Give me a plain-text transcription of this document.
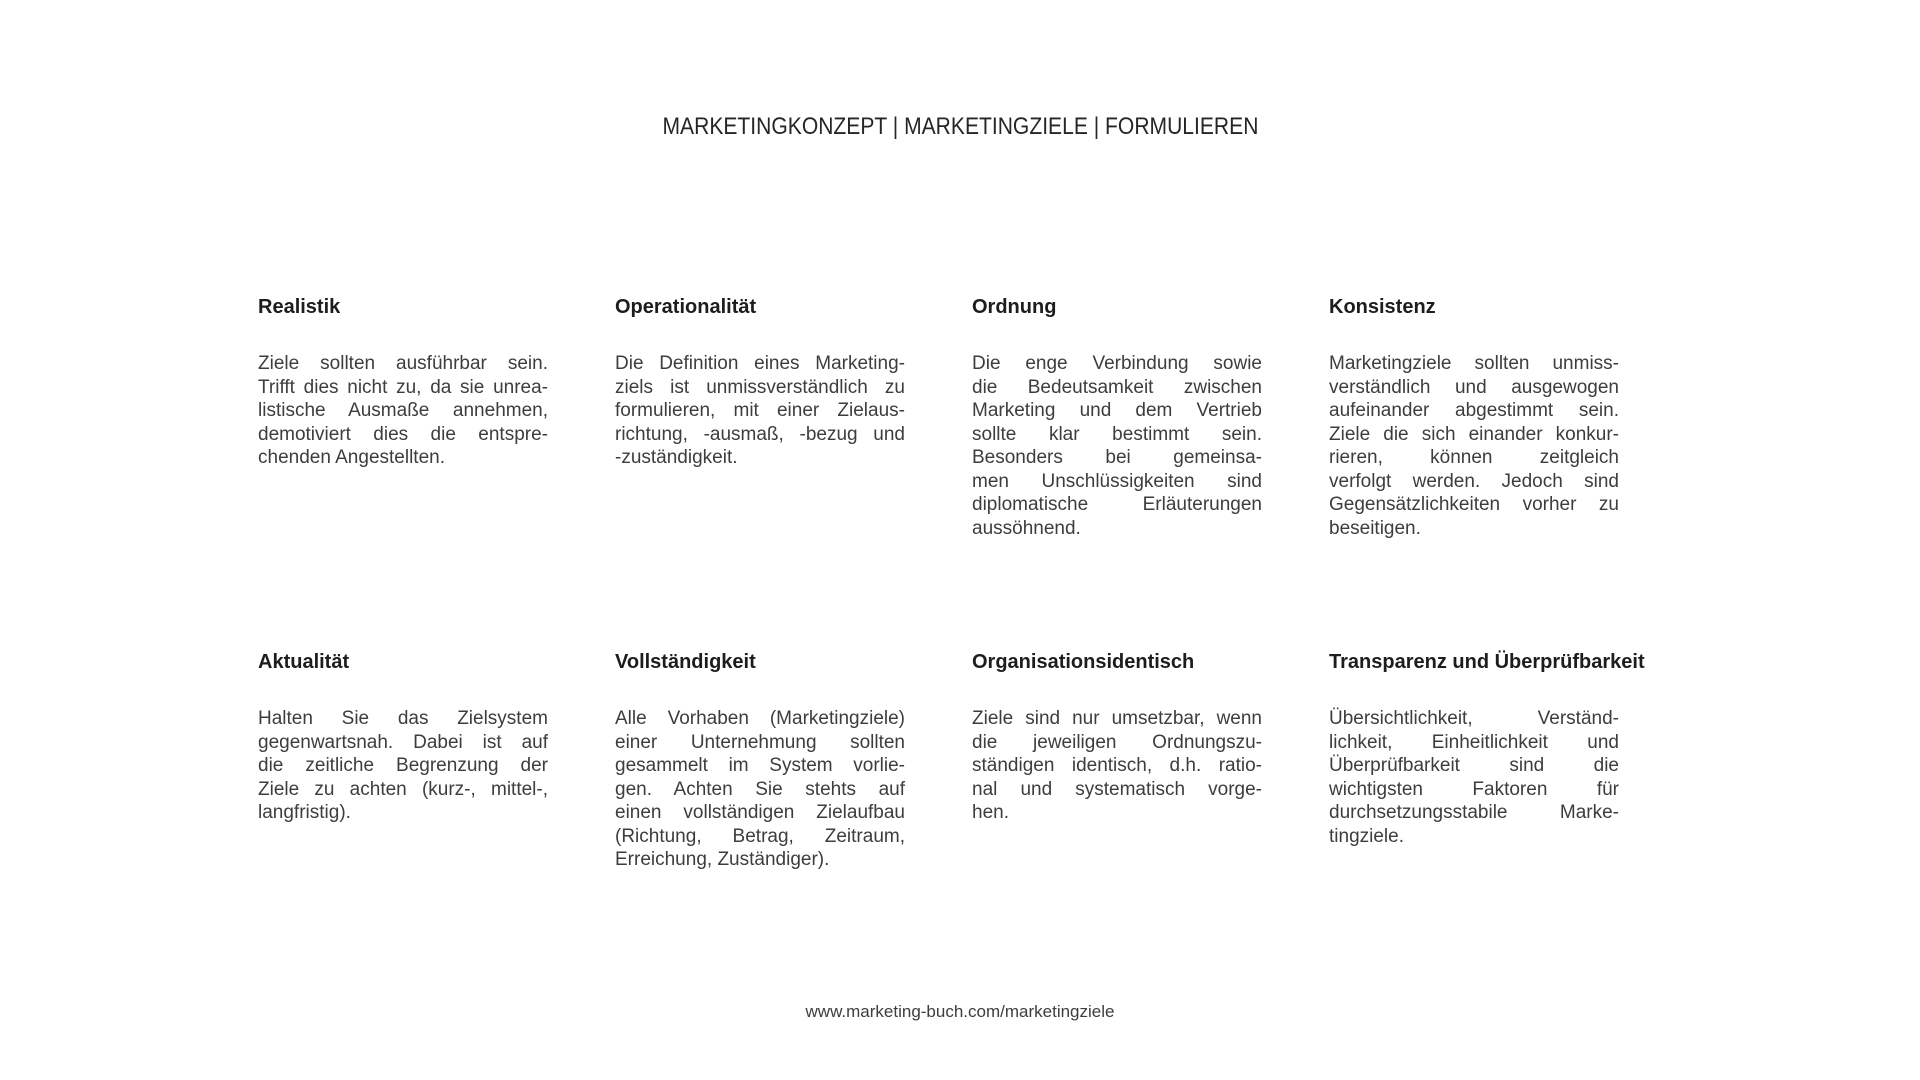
MARKETINGKONZEPT | MARKETINGZIELE | FORMULIEREN
Realistik
Ziele sollten ausführbar sein.
Trifft dies nicht zu, da sie unrea-
listische Ausmaße annehmen,
demotiviert dies die entspre-
chenden Angestellten.
Operationalität
Die Definition eines Marketing-
ziels ist unmissverständlich zu
formulieren, mit einer Zielaus-
richtung, -ausmaß, -bezug und
-zuständigkeit.
Ordnung
Die enge Verbindung sowie
die Bedeutsamkeit zwischen
Marketing und dem Vertrieb
sollte klar bestimmt sein.
Besonders bei gemeinsa-
men Unschlüssigkeiten sind
diplomatische Erläuterungen
aussöhnend.
Konsistenz
Marketingziele sollten unmiss-
verständlich und ausgewogen
aufeinander abgestimmt sein.
Ziele die sich einander konkur-
rieren, können zeitgleich
verfolgt werden. Jedoch sind
Gegensätzlichkeiten vorher zu
beseitigen.
Aktualität
Halten Sie das Zielsystem
gegenwartsnah. Dabei ist auf
die zeitliche Begrenzung der
Ziele zu achten (kurz-, mittel-,
langfristig).
Vollständigkeit
Alle Vorhaben (Marketingziele)
einer Unternehmung sollten
gesammelt im System vorlie-
gen. Achten Sie stehts auf
einen vollständigen Zielaufbau
(Richtung, Betrag, Zeitraum,
Erreichung, Zuständiger).
Organisationsidentisch
Ziele sind nur umsetzbar, wenn
die jeweiligen Ordnungszu-
ständigen identisch, d.h. ratio-
nal und systematisch vorge-
hen.
Transparenz und Überprüfbarkeit
Übersichtlichkeit, Verständ-
lichkeit, Einheitlichkeit und
Überprüfbarkeit sind die
wichtigsten Faktoren für
durchsetzungsstabile Marke-
tingziele.
www.marketing-buch.com/marketingziele
